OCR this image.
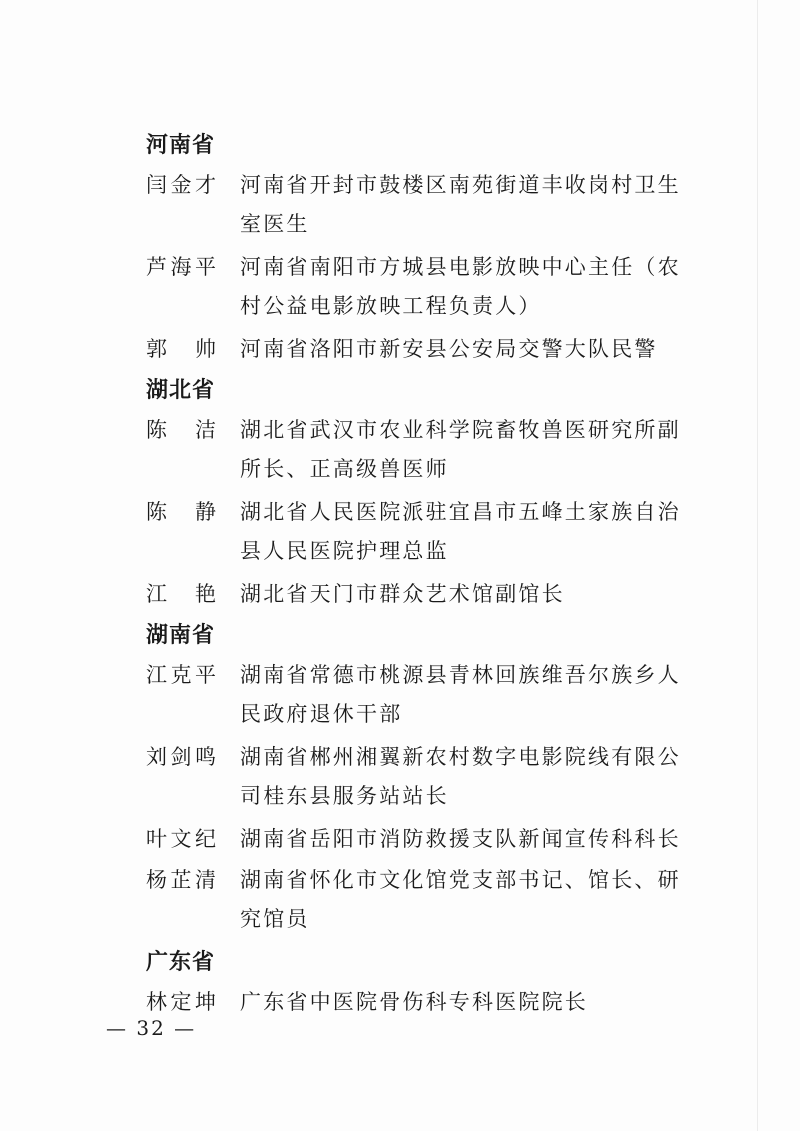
河南省
闫金才 河南省开封市鼓楼区南苑街道丰收岗村卫生室医生
芦海平 河南省南阳市方城县电影放映中心主任（农村公益电影放映工程负责人）
郭　帅 河南省洛阳市新安县公安局交警大队民警
湖北省
陈　洁 湖北省武汉市农业科学院畜牧兽医研究所副所长、正高级兽医师
陈　静 湖北省人民医院派驻宜昌市五峰土家族自治县人民医院护理总监
江　艳 湖北省天门市群众艺术馆副馆长
湖南省
江克平 湖南省常德市桃源县青林回族维吾尔族乡人民政府退休干部
刘剑鸣 湖南省郴州湘翼新农村数字电影院线有限公司桂东县服务站站长
叶文纪 湖南省岳阳市消防救援支队新闻宣传科科长
杨芷清 湖南省怀化市文化馆党支部书记、馆长、研究馆员
广东省
林定坤 广东省中医院骨伤科专科医院院长
— 32 —
